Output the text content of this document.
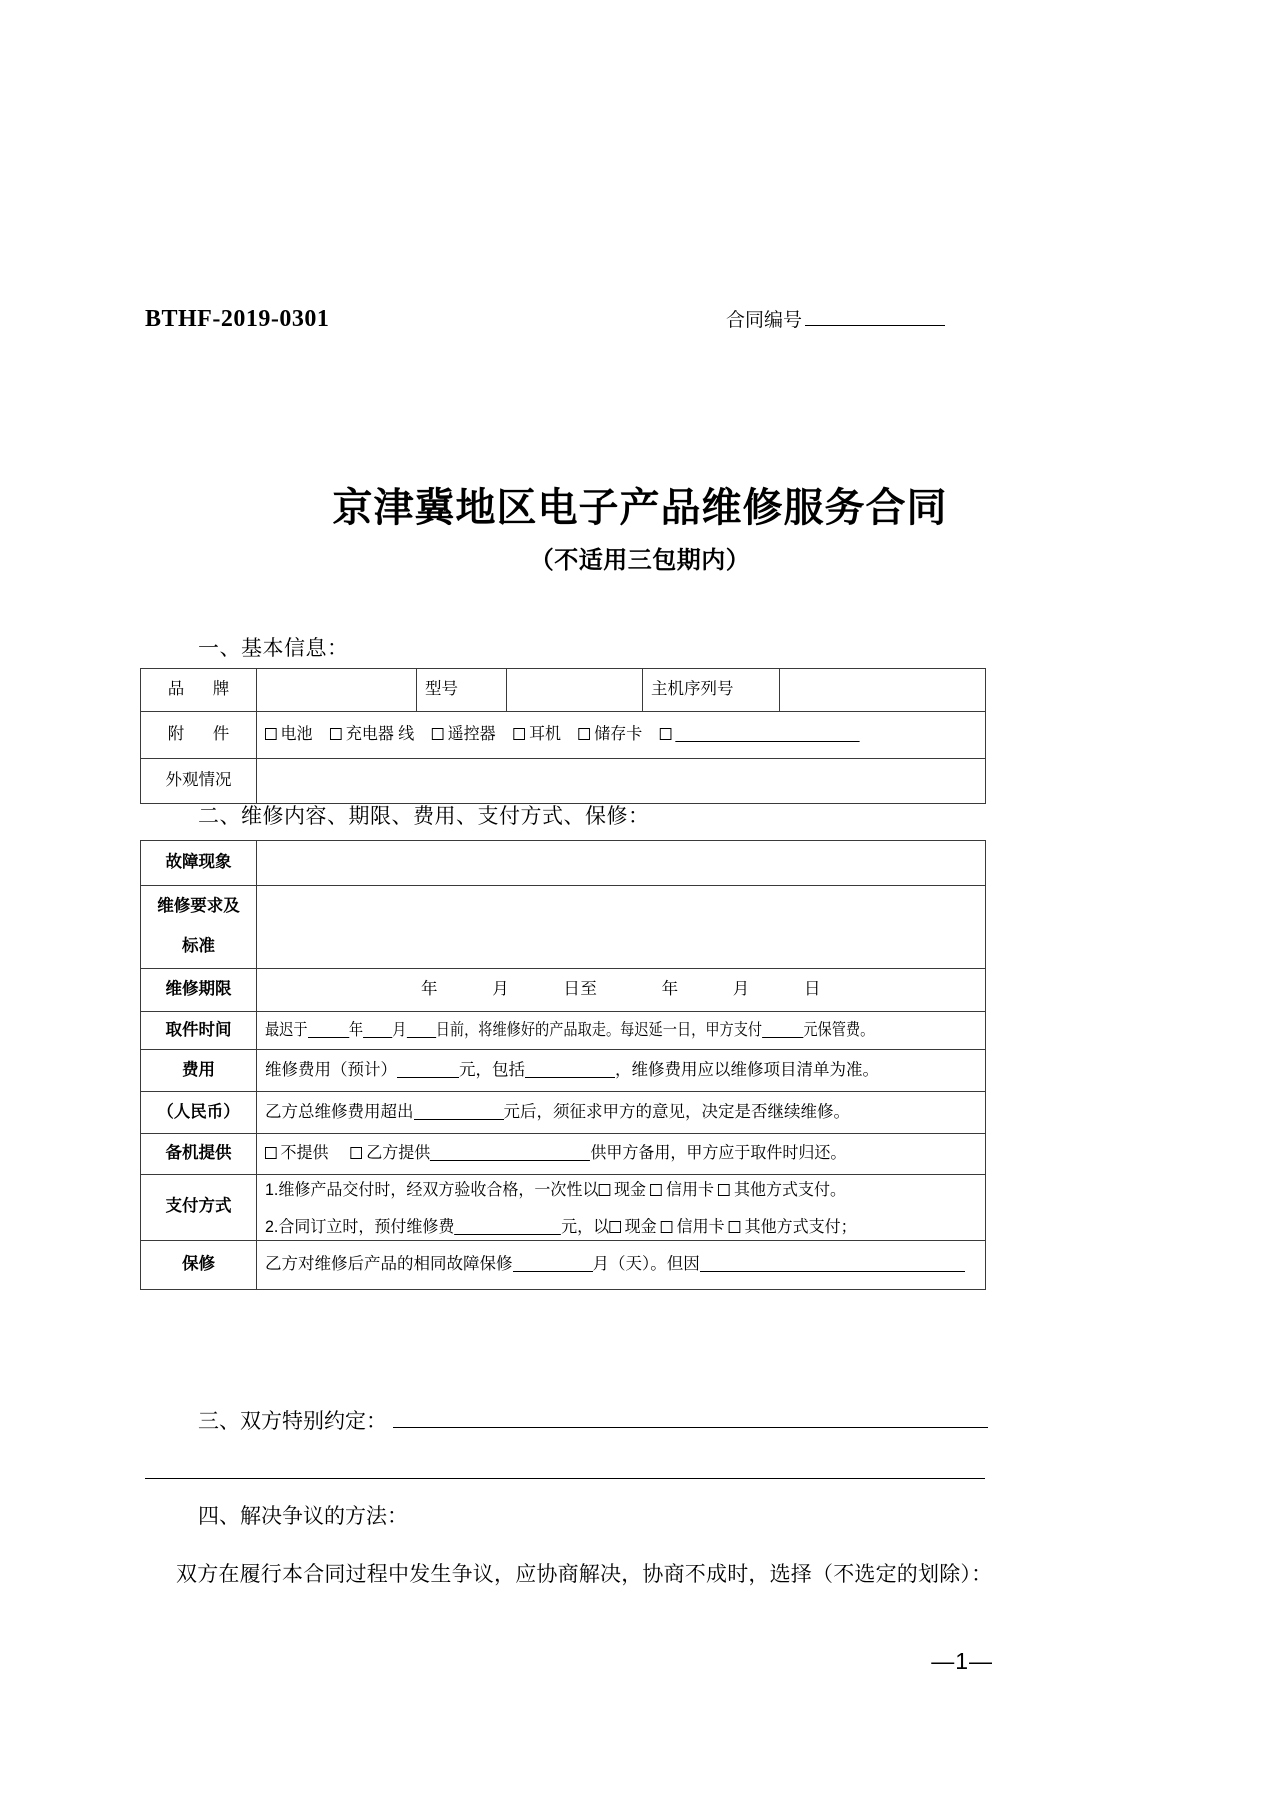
BTHF-2019-0301	合同编号
京津冀地区电子产品维修服务合同
（不适用三包期内）
一、基本信息：
品 牌		型号		主机序列号	
附 件	电池 充电器 线 遥控器 耳机 储存卡				
外观情况					
二、维修内容、期限、费用、支付方式、保修：
故障现象	

维修要求及
标准	

维修期限	年 月 日至 年 月 日
取件时间	最迟于 年 月 日前，将维修好的产品取走。每迟延一日，甲方支付 元保管费。
费用	维修费用（预计） 元，包括 ，维修费用应以维修项目清单为准。
（人民币）	乙方总维修费用超出 元后，须征求甲方的意见，决定是否继续维修。
备机提供	不提供 乙方提供 供甲方备用，甲方应于取件时归还。
支付方式	1.维修产品交付时，经双方验收合格，一次性以 现金 信用卡 其他方式支付。
2.合同订立时，预付维修费 元，以 现金 信用卡 其他方式支付；

保修	乙方对维修后产品的相同故障保修 月（天）。但因
三、双方特别约定：
四、解决争议的方法：
双方在履行本合同过程中发生争议，应协商解决，协商不成时，选择（不选定的划除）：
—1—
